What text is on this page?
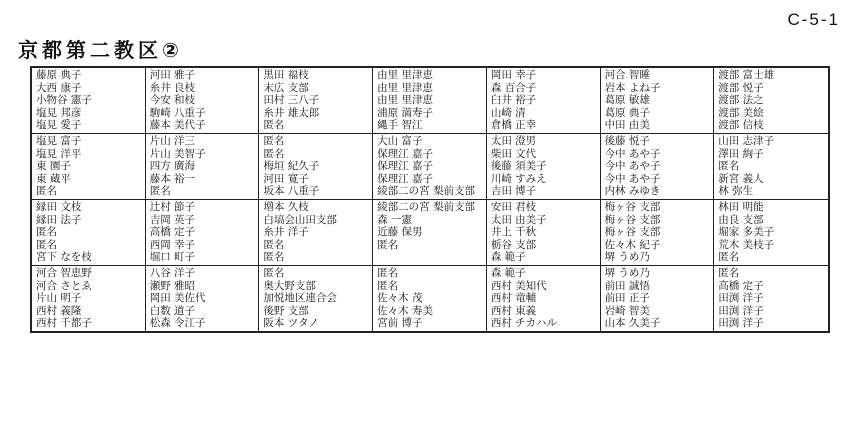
C-5-1
京都第二教区②
藤原 典子
大西 康子
小物谷 憲子
塩見 邦彦
塩見 愛子
塩見 富子
塩見 洋平
東 園子
東 蔵平
匿名
縁田 文枝
縁田 法子
匿名
匿名
宮下 なを枝
河合 智恵野
河合 さとゑ
片山 明子
西村 義隆
西村 千都子
河田 雅子
糸井 良枝
今安 和枝
駒崎 八重子
藤本 美代子
片山 洋三
片山 美智子
四方 廣海
藤本 裕一
匿名
辻村 節子
吉岡 英子
高橋 定子
西岡 幸子
堀口 町子
八谷 洋子
瀬野 雅昭
岡田 美佐代
白数 道子
松森 令江子
黒田 福枝
末広 支部
田村 三八子
糸井 雄太郎
匿名
匿名
匿名
梅垣 紀久子
河田 寛子
坂本 八重子
増本 久枝
白塙会山田支部
糸井 洋子
匿名
匿名
匿名
奥大野支部
加悦地区連合会
後野 支部
阪本 ツタノ
由里 里津恵
由里 里津恵
由里 里津恵
浦原 満寿子
縄手 智江
大山 富子
保理江 嘉子
保理江 嘉子
保理江 嘉子
綾部二の宮 梨前支部
綾部二の宮 梨前支部
森 一憲
近藤 保男
匿名
匿名
匿名
佐々木 茂
佐々木 寿美
宮前 博子
岡田 幸子
森 百合子
臼井 裕子
山崎 清
倉橋 正幸
太田 澄男
柴田 文代
後藤 須美子
川崎 すみえ
吉田 博子
安田 君枝
太田 由美子
井上 千秋
栃谷 支部
森 範子
森 範子
西村 美知代
西村 竜輔
西村 東義
西村 チカハル
河合 智睡
岩本 よね子
葛原 敏雄
葛原 典子
中田 由美
後藤 悦子
今中 あや子
今中 あや子
今中 あや子
内林 みゆき
梅ヶ谷 支部
梅ヶ谷 支部
梅ヶ谷 支部
佐々木 紀子
堺 うめ乃
堺 うめ乃
前田 誠悟
前田 正子
岩崎 智美
山本 久美子
渡部 富士雄
渡部 悦子
渡部 法之
渡部 美絵
渡部 信枝
山田 志津子
澤田 絢子
匿名
新宮 義人
林 弥生
林田 明能
由良 支部
堀家 多美子
荒木 美枝子
匿名
匿名
高橋 定子
田渕 洋子
田渕 洋子
田渕 洋子
